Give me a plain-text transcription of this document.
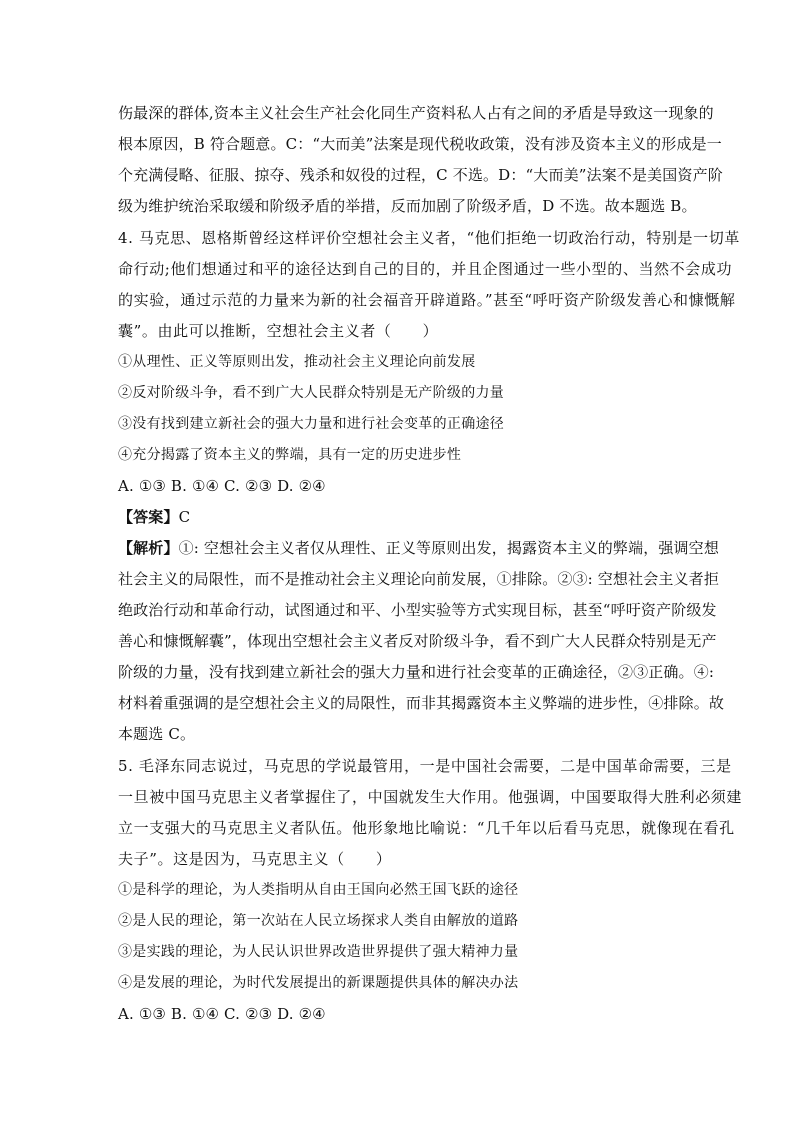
伤最深的群体,资本主义社会生产社会化同生产资料私人占有之间的矛盾是导致这一现象的
根本原因，B 符合题意。C：“大而美”法案是现代税收政策，没有涉及资本主义的形成是一
个充满侵略、征服、掠夺、残杀和奴役的过程，C 不选。D：“大而美”法案不是美国资产阶
级为维护统治采取缓和阶级矛盾的举措，反而加剧了阶级矛盾，D 不选。故本题选 B。
4. 马克思、恩格斯曾经这样评价空想社会主义者，“他们拒绝一切政治行动，特别是一切革
命行动;他们想通过和平的途径达到自己的目的，并且企图通过一些小型的、当然不会成功
的实验，通过示范的力量来为新的社会福音开辟道路。”甚至“呼吁资产阶级发善心和慷慨解
囊”。由此可以推断，空想社会主义者（　　）
①从理性、正义等原则出发，推动社会主义理论向前发展
②反对阶级斗争，看不到广大人民群众特别是无产阶级的力量
③没有找到建立新社会的强大力量和进行社会变革的正确途径
④充分揭露了资本主义的弊端，具有一定的历史进步性
A. ①③ B. ①④ C. ②③ D. ②④
【答案】C
【解析】①: 空想社会主义者仅从理性、正义等原则出发，揭露资本主义的弊端，强调空想
社会主义的局限性，而不是推动社会主义理论向前发展，①排除。②③: 空想社会主义者拒
绝政治行动和革命行动，试图通过和平、小型实验等方式实现目标，甚至“呼吁资产阶级发
善心和慷慨解囊”，体现出空想社会主义者反对阶级斗争，看不到广大人民群众特别是无产
阶级的力量，没有找到建立新社会的强大力量和进行社会变革的正确途径，②③正确。④:
材料着重强调的是空想社会主义的局限性，而非其揭露资本主义弊端的进步性，④排除。故
本题选 C。
5. 毛泽东同志说过，马克思的学说最管用，一是中国社会需要，二是中国革命需要，三是
一旦被中国马克思主义者掌握住了，中国就发生大作用。他强调，中国要取得大胜利必须建
立一支强大的马克思主义者队伍。他形象地比喻说：“几千年以后看马克思，就像现在看孔
夫子”。这是因为，马克思主义（　　）
①是科学的理论，为人类指明从自由王国向必然王国飞跃的途径
②是人民的理论，第一次站在人民立场探求人类自由解放的道路
③是实践的理论，为人民认识世界改造世界提供了强大精神力量
④是发展的理论，为时代发展提出的新课题提供具体的解决办法
A. ①③ B. ①④ C. ②③ D. ②④
